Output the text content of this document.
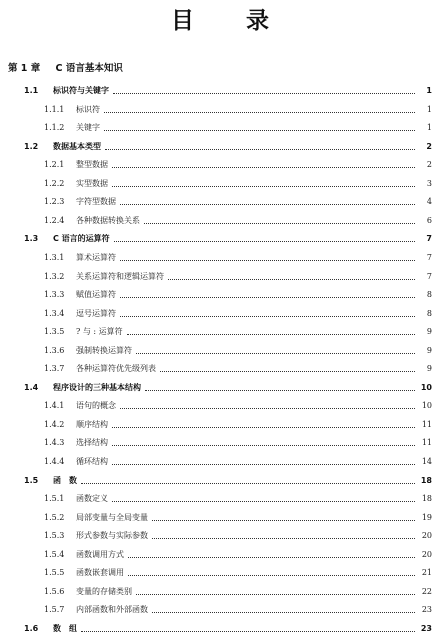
目　　录
第 1 章 C 语言基本知识
1.1	标识符与关键字	1
1.1.1	标识符	1
1.1.2	关键字	1
1.2	数据基本类型	2
1.2.1	整型数据	2
1.2.2	实型数据	3
1.2.3	字符型数据	4
1.2.4	各种数据转换关系	6
1.3	C 语言的运算符	7
1.3.1	算术运算符	7
1.3.2	关系运算符和逻辑运算符	7
1.3.3	赋值运算符	8
1.3.4	逗号运算符	8
1.3.5	? 与 : 运算符	9
1.3.6	强制转换运算符	9
1.3.7	各种运算符优先级列表	9
1.4	程序设计的三种基本结构	10
1.4.1	语句的概念	10
1.4.2	顺序结构	11
1.4.3	选择结构	11
1.4.4	循环结构	14
1.5	函　数	18
1.5.1	函数定义	18
1.5.2	局部变量与全局变量	19
1.5.3	形式参数与实际参数	20
1.5.4	函数调用方式	20
1.5.5	函数嵌套调用	21
1.5.6	变量的存储类别	22
1.5.7	内部函数和外部函数	23
1.6	数　组	23
